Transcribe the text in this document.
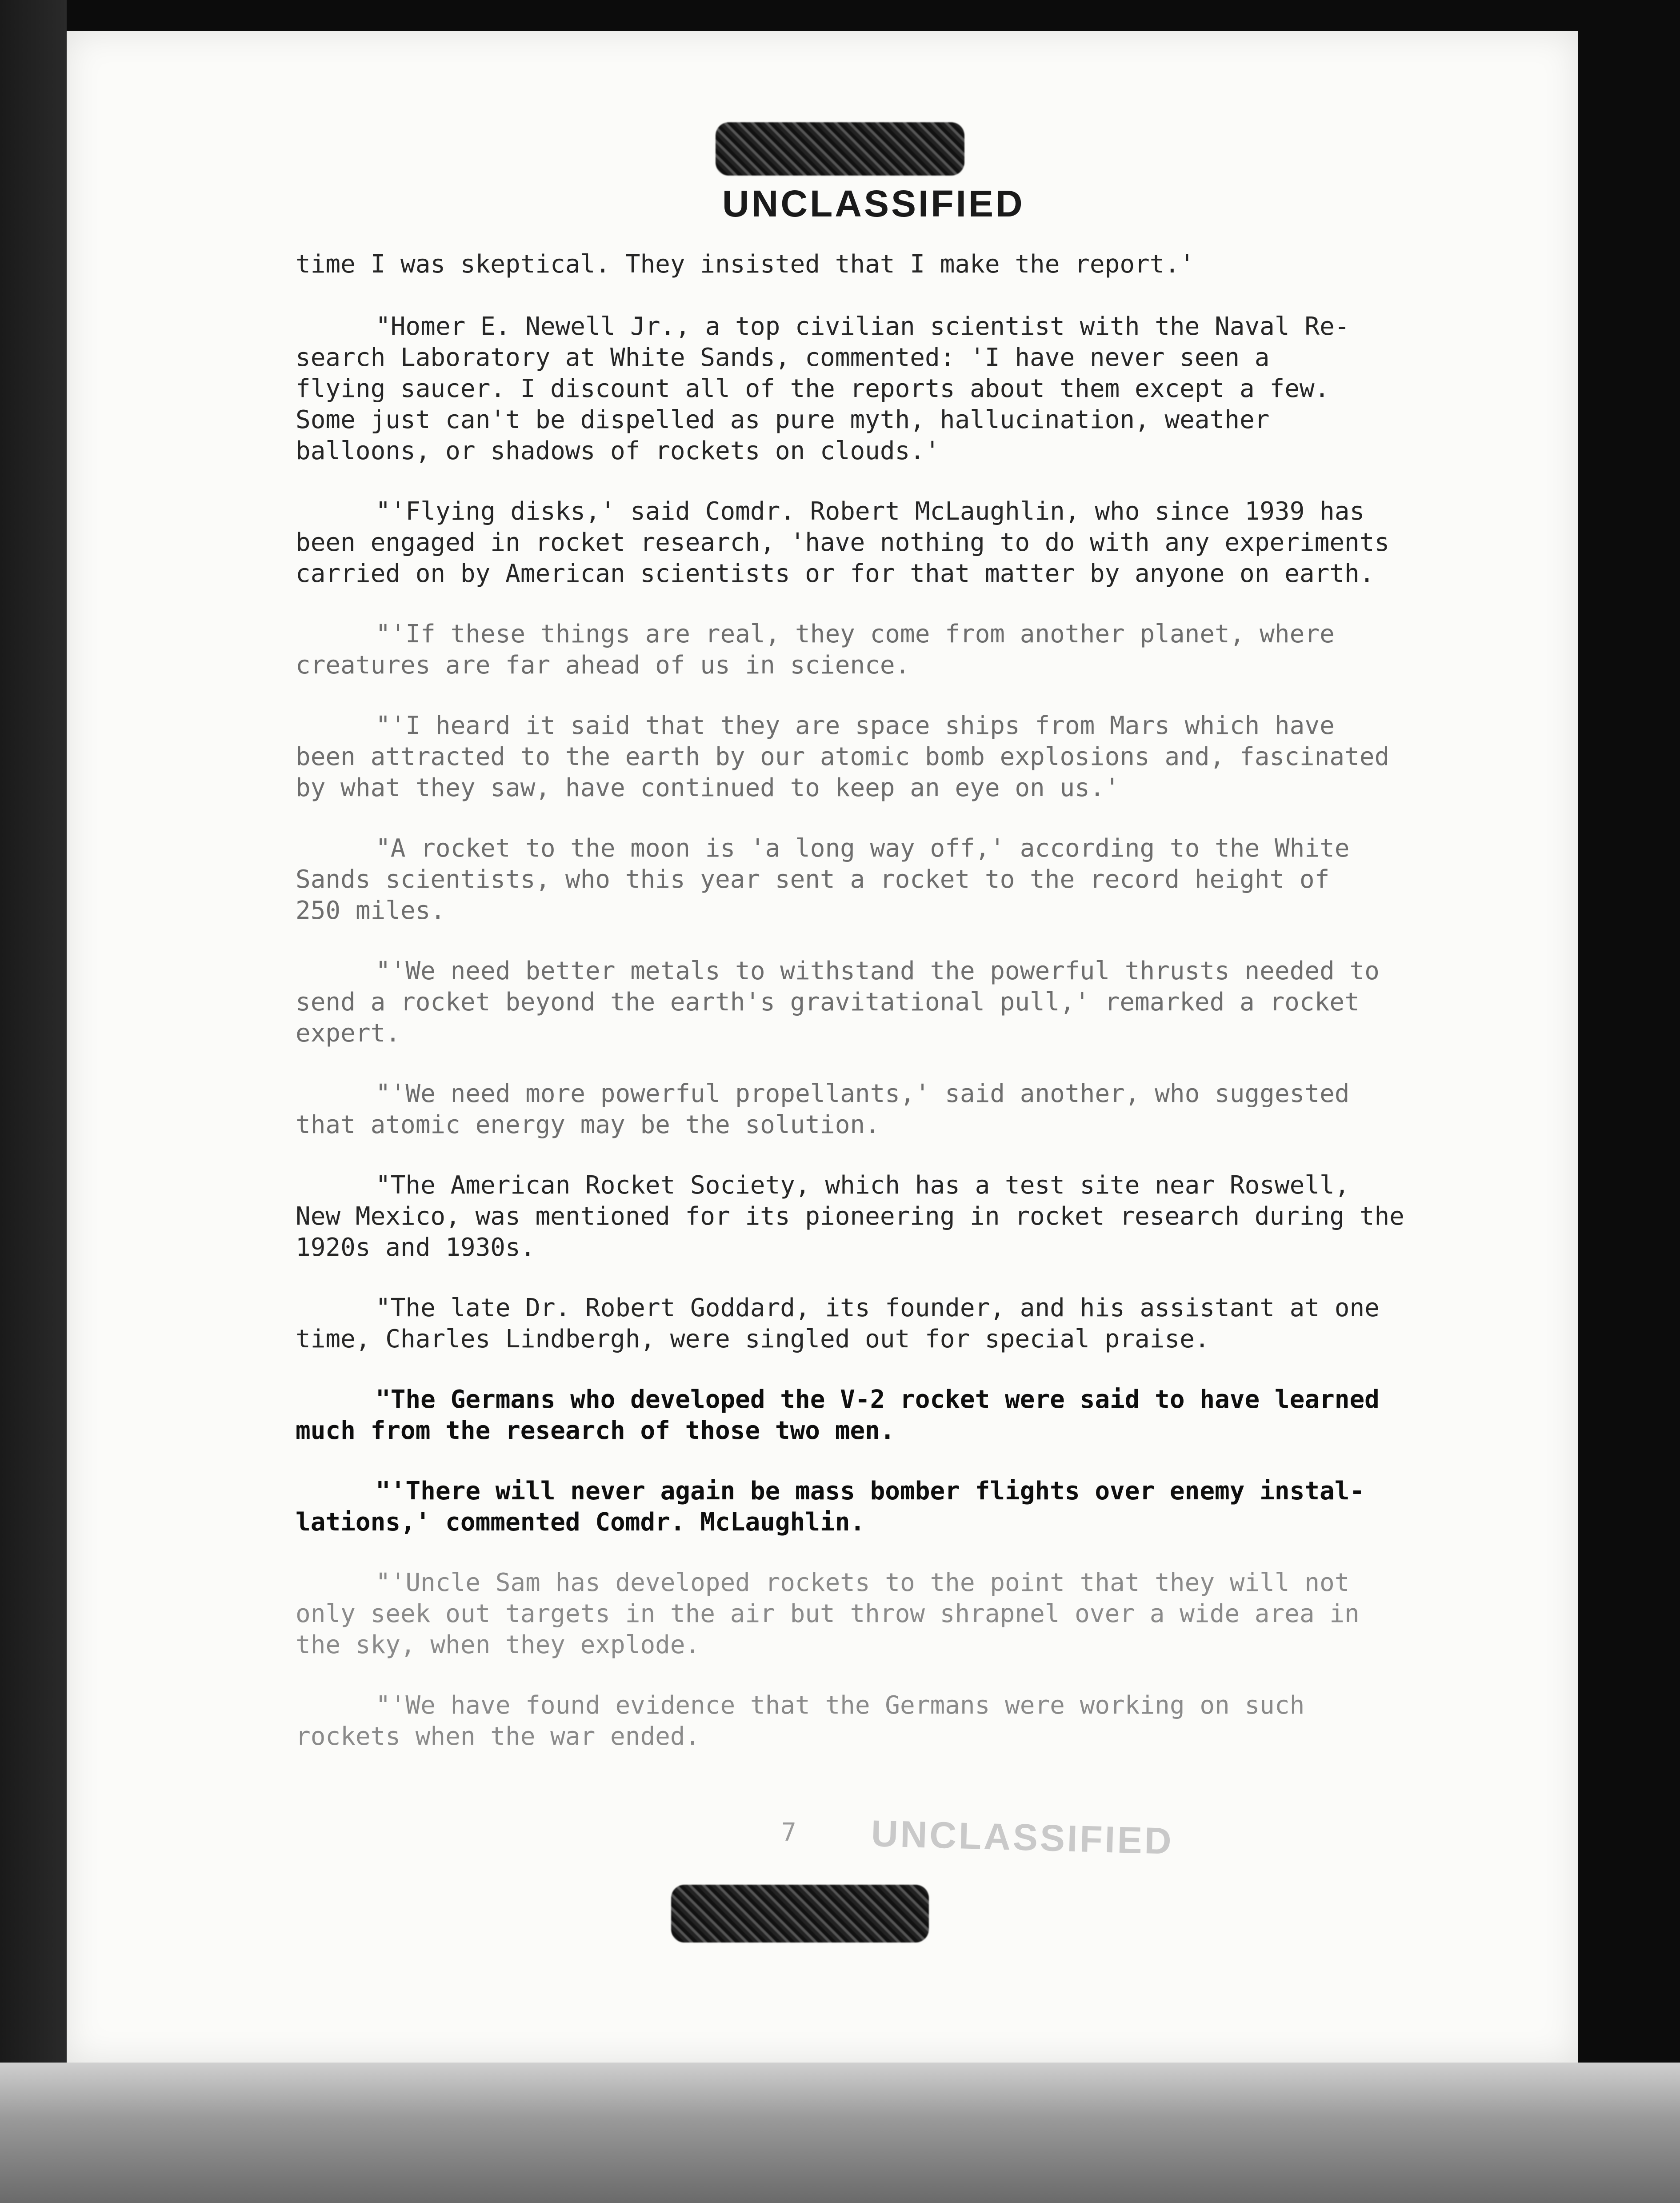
UNCLASSIFIED

time I was skeptical. They insisted that I make the report.'

"Homer E. Newell Jr., a top civilian scientist with the Naval Re-
search Laboratory at White Sands, commented: 'I have never seen a
flying saucer. I discount all of the reports about them except a few.
Some just can't be dispelled as pure myth, hallucination, weather
balloons, or shadows of rockets on clouds.'

"'Flying disks,' said Comdr. Robert McLaughlin, who since 1939 has
been engaged in rocket research, 'have nothing to do with any experiments
carried on by American scientists or for that matter by anyone on earth.

"'If these things are real, they come from another planet, where
creatures are far ahead of us in science.

"'I heard it said that they are space ships from Mars which have
been attracted to the earth by our atomic bomb explosions and, fascinated
by what they saw, have continued to keep an eye on us.'

"A rocket to the moon is 'a long way off,' according to the White
Sands scientists, who this year sent a rocket to the record height of
250 miles.

"'We need better metals to withstand the powerful thrusts needed to
send a rocket beyond the earth's gravitational pull,' remarked a rocket
expert.

"'We need more powerful propellants,' said another, who suggested
that atomic energy may be the solution.

"The American Rocket Society, which has a test site near Roswell,
New Mexico, was mentioned for its pioneering in rocket research during the
1920s and 1930s.

"The late Dr. Robert Goddard, its founder, and his assistant at one
time, Charles Lindbergh, were singled out for special praise.

"The Germans who developed the V-2 rocket were said to have learned
much from the research of those two men.

"'There will never again be mass bomber flights over enemy instal-
lations,' commented Comdr. McLaughlin.

"'Uncle Sam has developed rockets to the point that they will not
only seek out targets in the air but throw shrapnel over a wide area in
the sky, when they explode.

"'We have found evidence that the Germans were working on such
rockets when the war ended.

7 UNCLASSIFIED
